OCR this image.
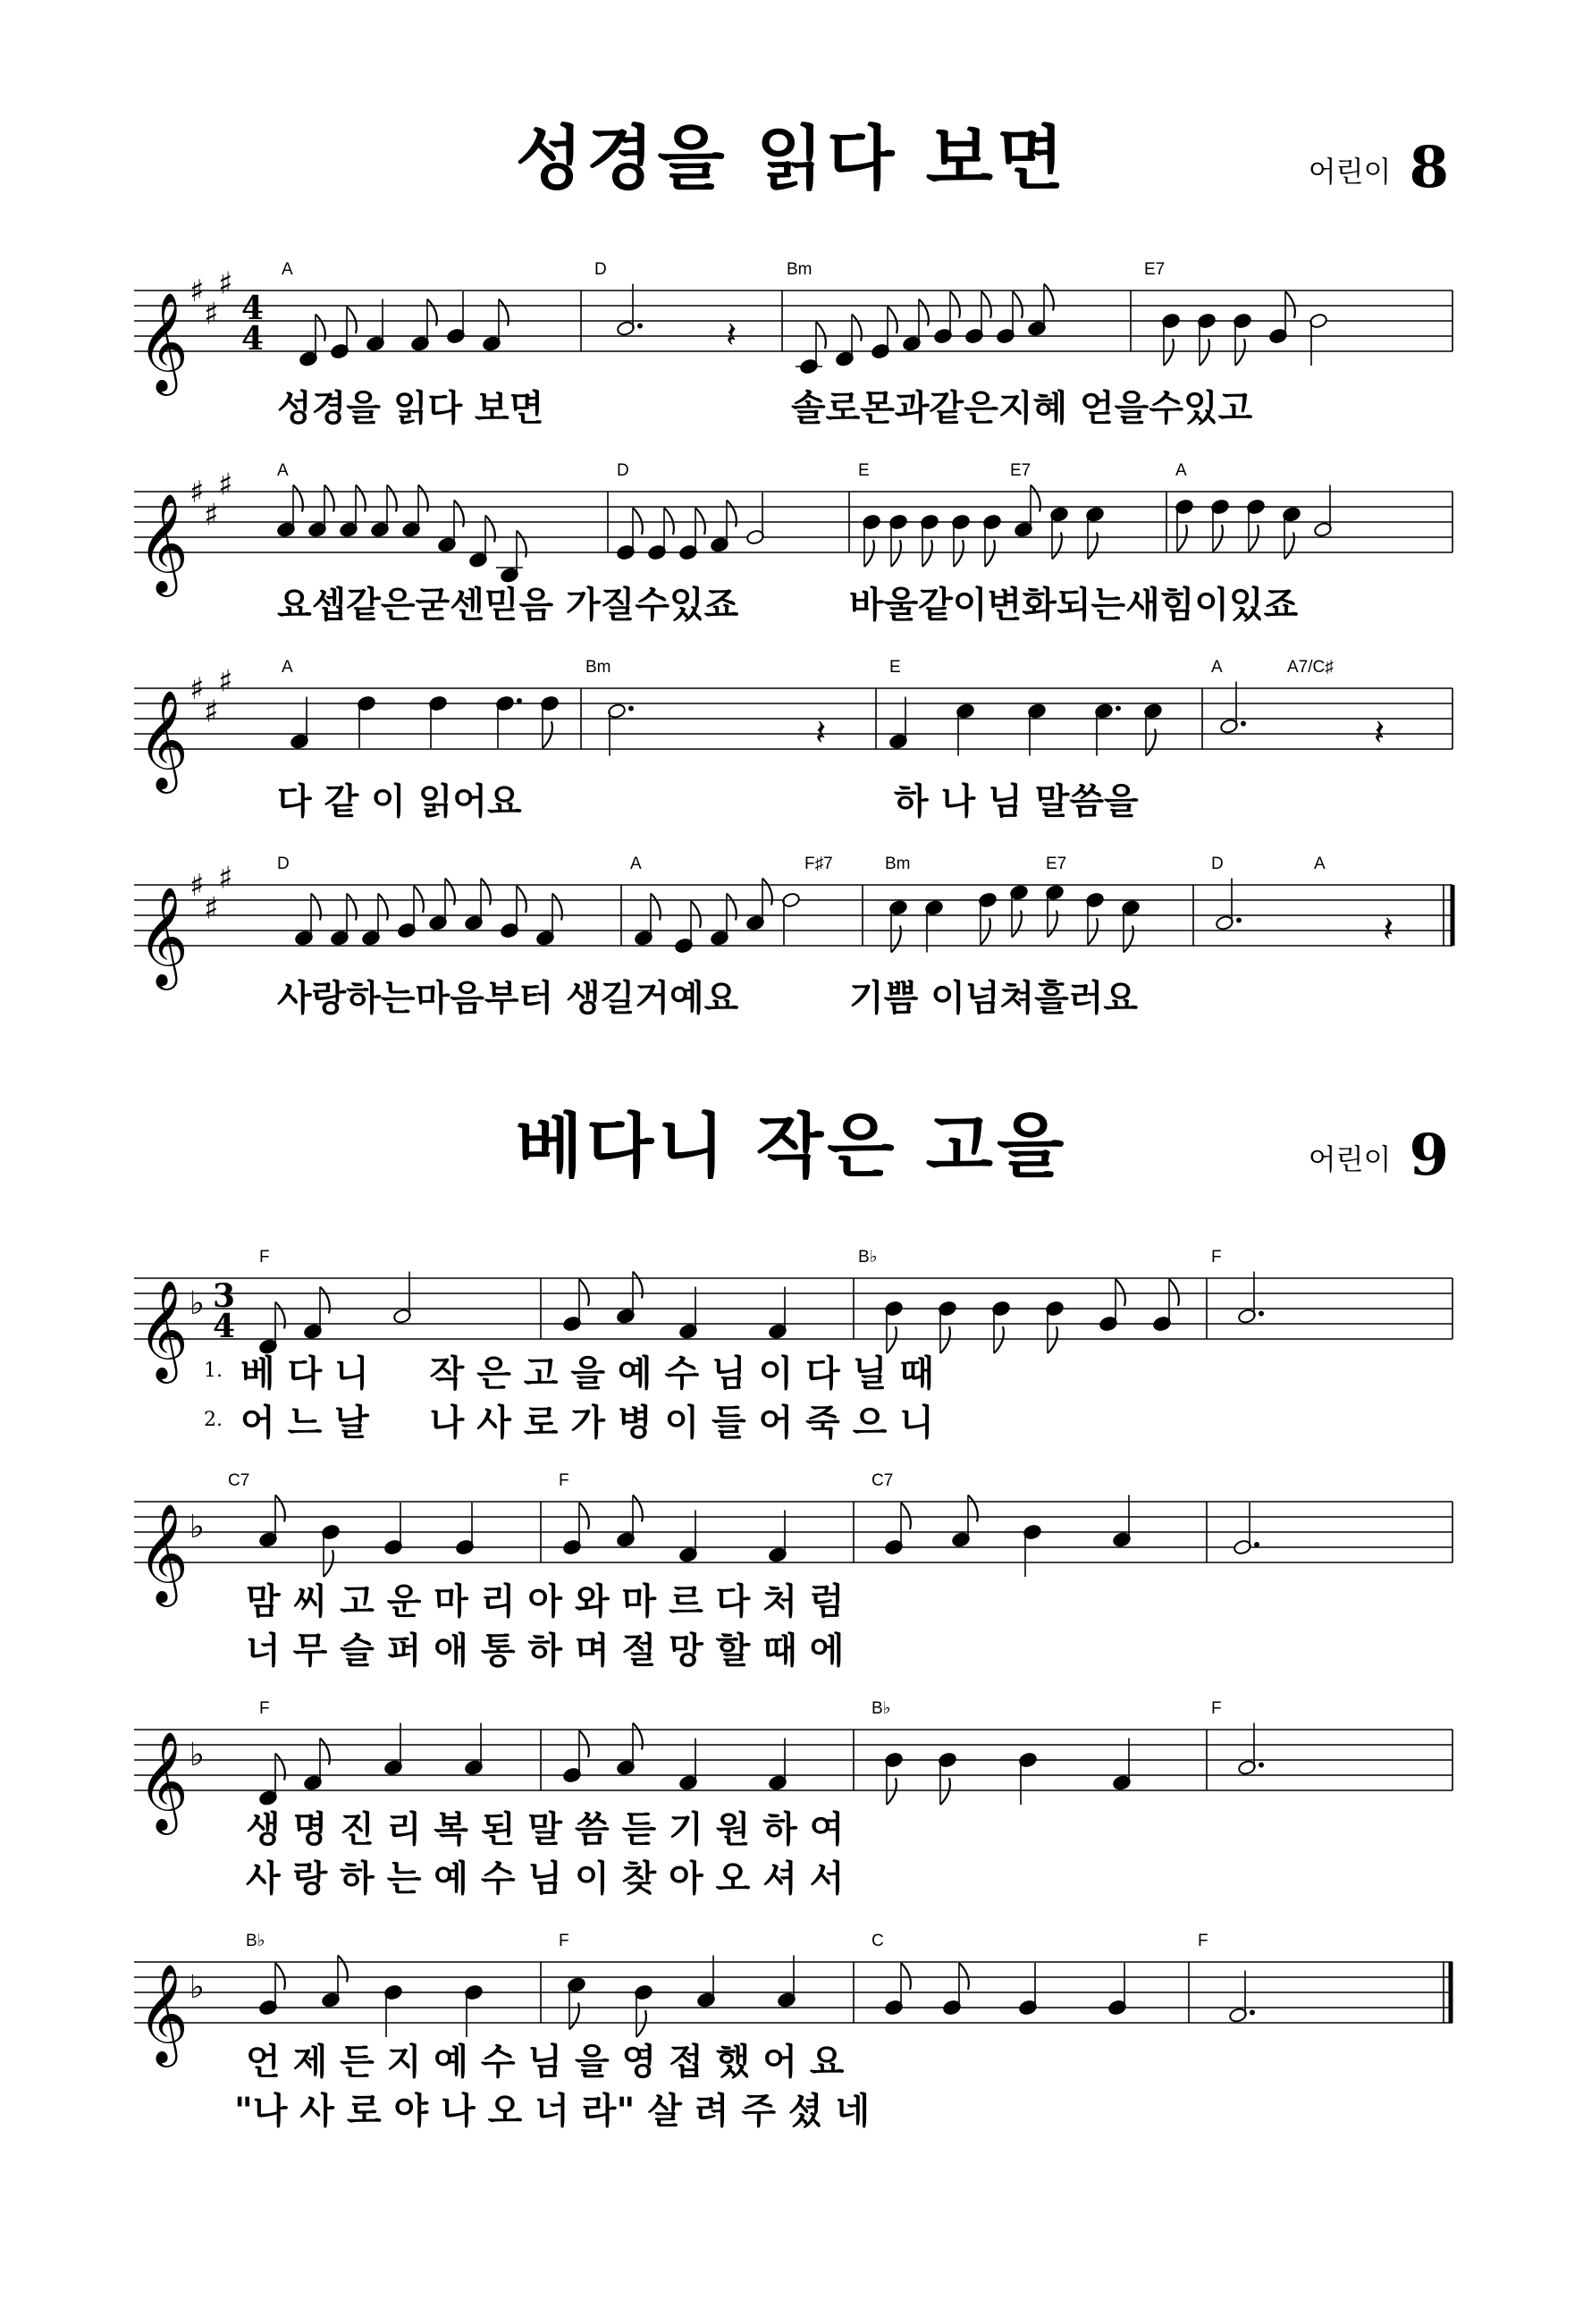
성경을 읽다 보면	어린이 8
𝄞 ♯
♯
♯
4
4
A	D	Bm	E7
𝄽
성경을 읽다 보면	솔로몬과같은지혜 얻을수있고
𝄞 ♯
♯
♯	A	D	E	E7	A
요셉같은굳센믿음 가질수있죠	바울같이변화되는새힘이있죠
𝄞 ♯
♯
♯	A	Bm	E	A	A7/C♯
𝄽	𝄽
다 같 이 읽어요	하 나 님 말씀을
𝄞 ♯
♯
♯	D	A	F♯7	Bm	E7	D	A
𝄽
사랑하는마음부터 생길거예요	기쁨 이넘쳐흘러요
베다니 작은 고을	어린이 9
𝄞 ♭ 3
4
F	B♭	F
1. 베 다 니 　 작 은 고 을 예 수 님 이 다 닐 때
2. 어 느 날 　 나 사 로 가 병 이 들 어 죽 으 니
𝄞 ♭
C7	F	C7
맘 씨 고 운 마 리 아 와 마 르 다 처 럼
너 무 슬 퍼 애 통 하 며 절 망 할 때 에
𝄞 ♭
F	B♭	F
생 명 진 리 복 된 말 씀 듣 기 원 하 여
사 랑 하 는 예 수 님 이 찾 아 오 셔 서
𝄞 ♭
B♭	F	C	F
언 제 든 지 예 수 님 을 영 접 했 어 요
"나 사 로 야 나 오 너 라" 살 려 주 셨 네
